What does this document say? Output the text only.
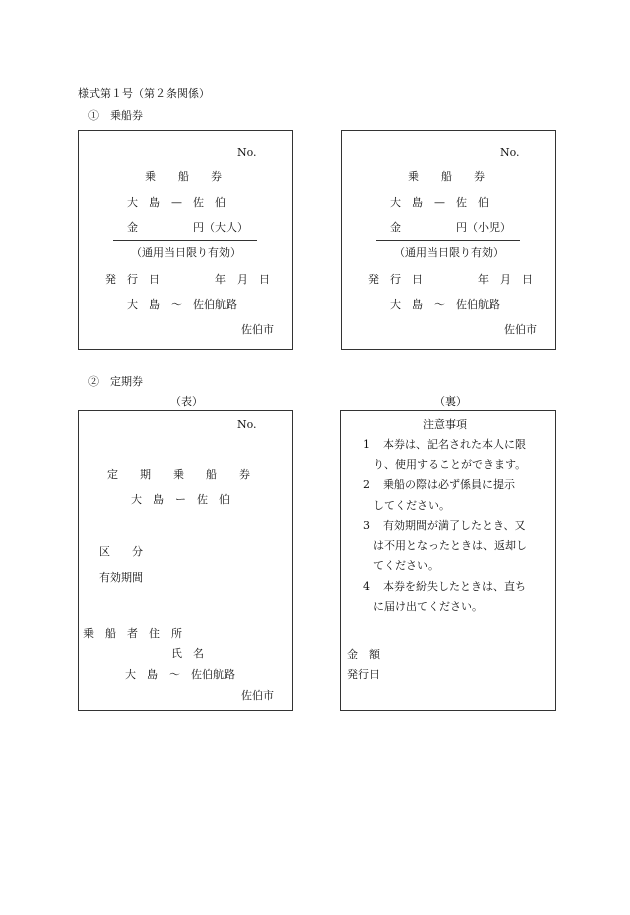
様式第１号（第２条関係）
①　乗船券
No.
乗　　船　　券
大　島　—　佐　伯
金　　　　　円（大人）
（通用当日限り有効）
発　行　日　　　　　年　月　日
大　島　〜　佐伯航路
佐伯市
No.
乗　　船　　券
大　島　—　佐　伯
金　　　　　円（小児）
（通用当日限り有効）
発　行　日　　　　　年　月　日
大　島　〜　佐伯航路
佐伯市
②　定期券
（表）	（裏）
No.
定　　期　　乗　　船　　券
大　島　ー　佐　伯
区　　分
有効期間
乗　船　者　住　所
氏　名
大　島　〜　佐伯航路
佐伯市
注意事項
1 本券は、記名された本人に限
り、使用することができます。
2 乗船の際は必ず係員に提示
してください。
3 有効期間が満了したとき、又
は不用となったときは、返却し
てください。
4 本券を紛失したときは、直ち
に届け出てください。
金　額
発行日
